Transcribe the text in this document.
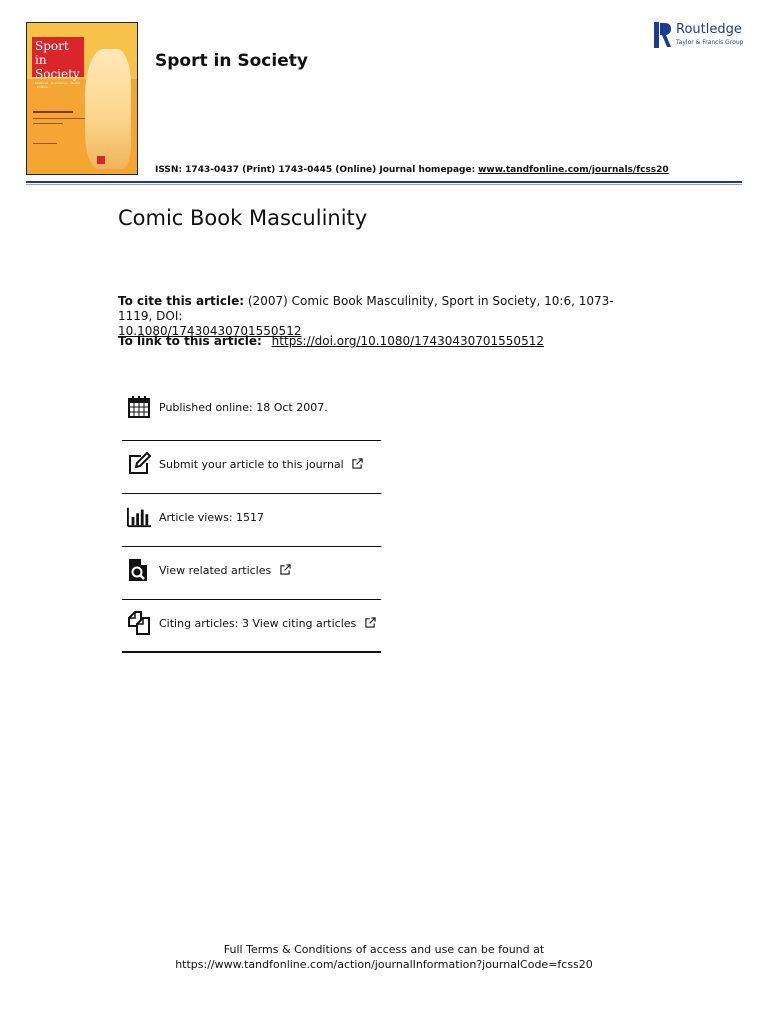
Sport in
Society
Cultures · Commerce · Media · Politics
Sport in Society
ISSN: 1743-0437 (Print) 1743-0445 (Online) Journal homepage: www.tandfonline.com/journals/fcss20
Routledge
Taylor & Francis Group
Comic Book Masculinity
To cite this article: (2007) Comic Book Masculinity, Sport in Society, 10:6, 1073-1119, DOI:
10.1080/17430430701550512
To link to this article: https://doi.org/10.1080/17430430701550512
Published online: 18 Oct 2007.
Submit your article to this journal
Article views: 1517
View related articles
Citing articles: 3 View citing articles
Full Terms & Conditions of access and use can be found at
https://www.tandfonline.com/action/journalInformation?journalCode=fcss20
